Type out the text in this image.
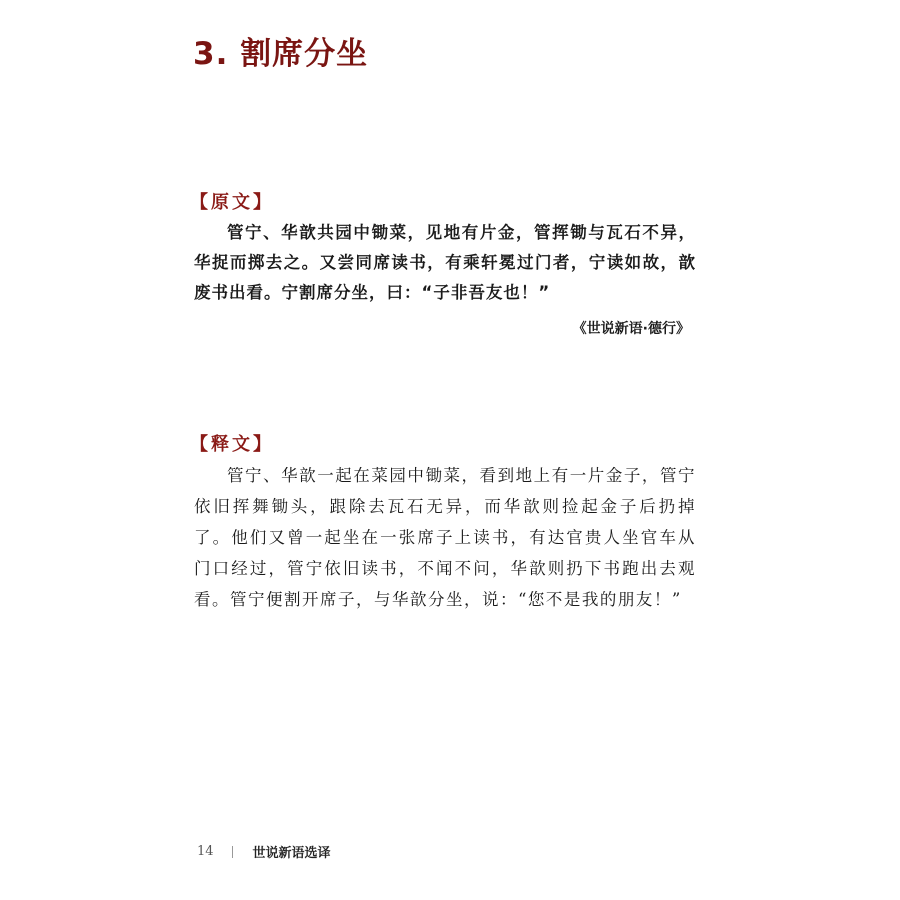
3. 割席分坐
【原文】

管宁、华歆共园中锄菜，见地有片金，管挥锄与瓦石不异，华捉而掷去之。又尝同席读书，有乘轩冕过门者，宁读如故，歆废书出看。宁割席分坐，曰：“子非吾友也！”

《世说新语·德行》
【释文】

管宁、华歆一起在菜园中锄菜，看到地上有一片金子，管宁依旧挥舞锄头，跟除去瓦石无异，而华歆则捡起金子后扔掉了。他们又曾一起坐在一张席子上读书，有达官贵人坐官车从门口经过，管宁依旧读书，不闻不问，华歆则扔下书跑出去观看。管宁便割开席子，与华歆分坐，说：“您不是我的朋友！”

14	世说新语选译
